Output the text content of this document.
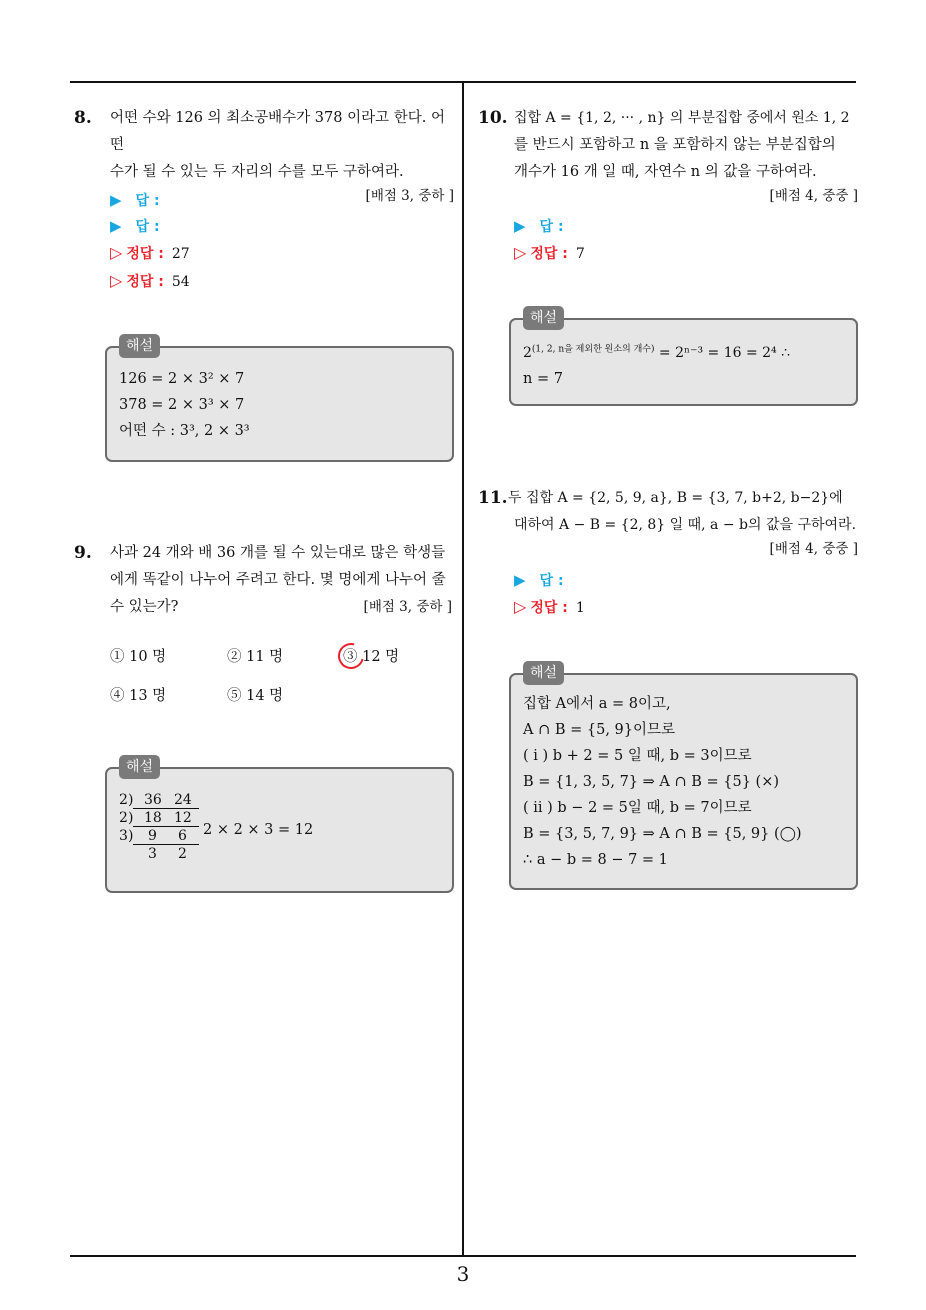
8. 어떤 수와 126 의 최소공배수가 378 이라고 한다. 어떤
수가 될 수 있는 두 자리의 수를 모두 구하여라.
[배점 3, 중하 ]
▶ 답 :
▶ 답 :
▷ 정답 : 27
▷ 정답 : 54
해설
126 = 2 × 3² × 7
378 = 2 × 3³ × 7
어떤 수 : 3³, 2 × 3³
9. 사과 24 개와 배 36 개를 될 수 있는대로 많은 학생들
에게 똑같이 나누어 주려고 한다. 몇 명에게 나누어 줄
수 있는가?	[배점 3, 중하 ]
① 10 명	② 11 명	③ 12 명
④ 13 명	⑤ 14 명
해설
2 ) 36 24
2 ) 18 12
3 ) 9 6
3 2
2 × 2 × 3 = 12
10. 집합 A = {1, 2, ··· , n} 의 부분집합 중에서 원소 1, 2
를 반드시 포함하고 n 을 포함하지 않는 부분집합의
개수가 16 개 일 때, 자연수 n 의 값을 구하여라.
[배점 4, 중중 ]
▶ 답 :
▷ 정답 : 7
해설
$2^{(1, 2, n을 제외한 원소의 개수)} = 2^{n-3} = 16 = 2^4$ ∴
n = 7
11. 두 집합 A = {2, 5, 9, a}, B = {3, 7, b+2, b−2}에
대하여 A − B = {2, 8} 일 때, a − b의 값을 구하여라.
[배점 4, 중중 ]
▶ 답 :
▷ 정답 : 1
해설
집합 A에서 a = 8이고,
A ∩ B = {5, 9}이므로
( i ) b + 2 = 5 일 때, b = 3이므로
B = {1, 3, 5, 7} ⇒ A ∩ B = {5} (×)
( ii ) b − 2 = 5일 때, b = 7이므로
B = {3, 5, 7, 9} ⇒ A ∩ B = {5, 9} (◯)
∴ a − b = 8 − 7 = 1
3
